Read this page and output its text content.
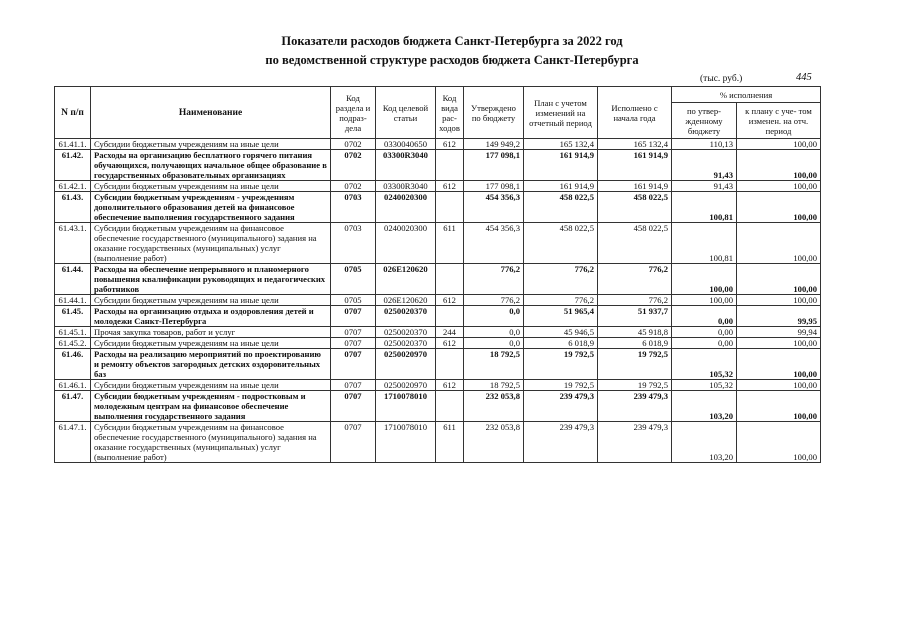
Показатели расходов бюджета Санкт-Петербурга за 2022 год
по ведомственной структуре расходов бюджета Санкт-Петербурга
(тыс. руб.)	445
N п/п	Наименование	Код раздела и подраз- дела	Код целевой статьи	Код вида рас- ходов	Утверждено по бюджету	План с учетом изменений на отчетный период	Исполнено с начала года	% исполнения	
								по утвер- жденному бюджету	к плану с уче- том изменен. на отч. период
61.41.1.	Субсидии бюджетным учреждениям на иные цели	0702	0330040650	612	149 949,2	165 132,4	165 132,4	110,13	100,00
61.42.	Расходы на организацию бесплатного горячего питания обучающихся, получающих начальное общее образование в государственных образовательных организациях	0702	03300R3040		177 098,1	161 914,9	161 914,9	91,43	100,00
61.42.1.	Субсидии бюджетным учреждениям на иные цели	0702	03300R3040	612	177 098,1	161 914,9	161 914,9	91,43	100,00
61.43.	Субсидии бюджетным учреждениям - учреждениям дополнительного образования детей на финансовое обеспечение выполнения государственного задания	0703	0240020300		454 356,3	458 022,5	458 022,5	100,81	100,00
61.43.1.	Субсидии бюджетным учреждениям на финансовое обеспечение государственного (муниципального) задания на оказание государственных (муниципальных) услуг (выполнение работ)	0703	0240020300	611	454 356,3	458 022,5	458 022,5	100,81	100,00
61.44.	Расходы на обеспечение непрерывного и планомерного повышения квалификации руководящих и педагогических работников	0705	026E120620		776,2	776,2	776,2	100,00	100,00
61.44.1.	Субсидии бюджетным учреждениям на иные цели	0705	026E120620	612	776,2	776,2	776,2	100,00	100,00
61.45.	Расходы на организацию отдыха и оздоровления детей и молодежи Санкт-Петербурга	0707	0250020370		0,0	51 965,4	51 937,7	0,00	99,95
61.45.1.	Прочая закупка товаров, работ и услуг	0707	0250020370	244	0,0	45 946,5	45 918,8	0,00	99,94
61.45.2.	Субсидии бюджетным учреждениям на иные цели	0707	0250020370	612	0,0	6 018,9	6 018,9	0,00	100,00
61.46.	Расходы на реализацию мероприятий по проектированию и ремонту объектов загородных детских оздоровительных баз	0707	0250020970		18 792,5	19 792,5	19 792,5	105,32	100,00
61.46.1.	Субсидии бюджетным учреждениям на иные цели	0707	0250020970	612	18 792,5	19 792,5	19 792,5	105,32	100,00
61.47.	Субсидии бюджетным учреждениям - подростковым и молодежным центрам на финансовое обеспечение выполнения государственного задания	0707	1710078010		232 053,8	239 479,3	239 479,3	103,20	100,00
61.47.1.	Субсидии бюджетным учреждениям на финансовое обеспечение государственного (муниципального) задания на оказание государственных (муниципальных) услуг (выполнение работ)	0707	1710078010	611	232 053,8	239 479,3	239 479,3	103,20	100,00
